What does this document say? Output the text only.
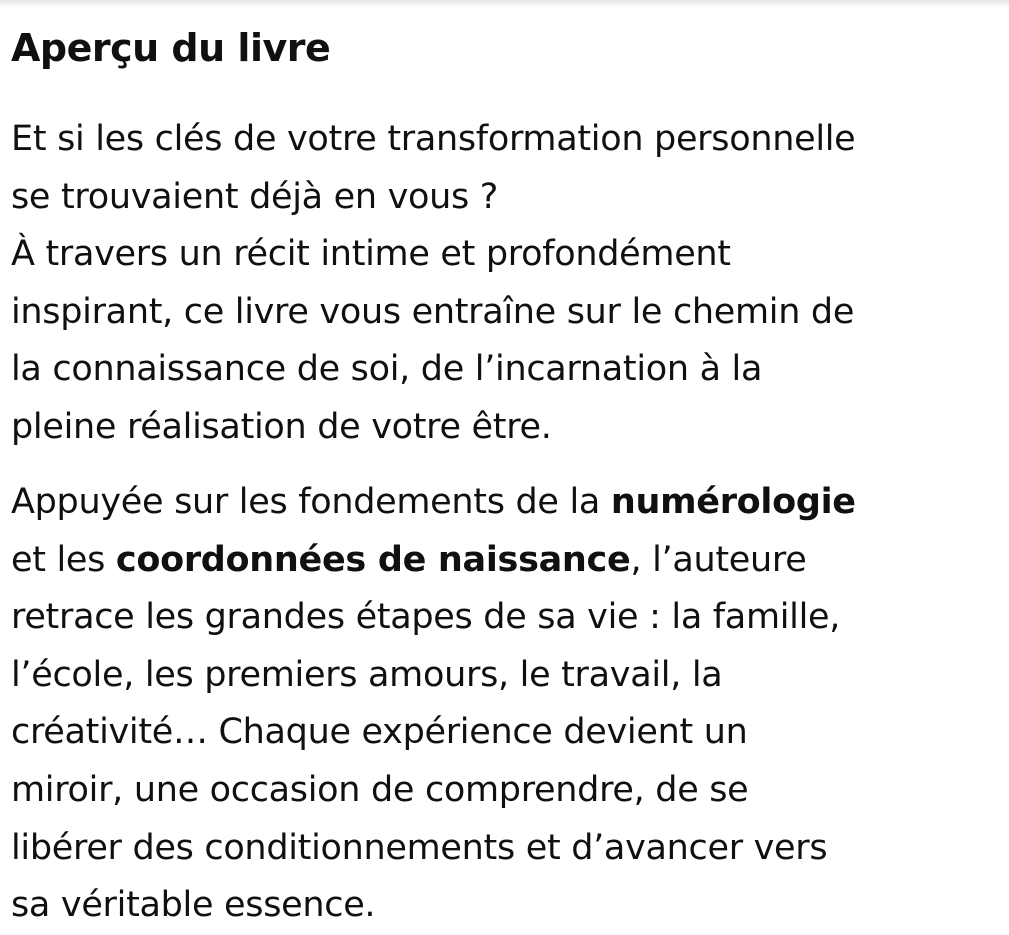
Aperçu du livre

Et si les clés de votre transformation personnelle
se trouvaient déjà en vous ?
À travers un récit intime et profondément
inspirant, ce livre vous entraîne sur le chemin de
la connaissance de soi, de l’incarnation à la
pleine réalisation de votre être.

Appuyée sur les fondements de la numérologie
et les coordonnées de naissance, l’auteure
retrace les grandes étapes de sa vie : la famille,
l’école, les premiers amours, le travail, la
créativité… Chaque expérience devient un
miroir, une occasion de comprendre, de se
libérer des conditionnements et d’avancer vers
sa véritable essence.
